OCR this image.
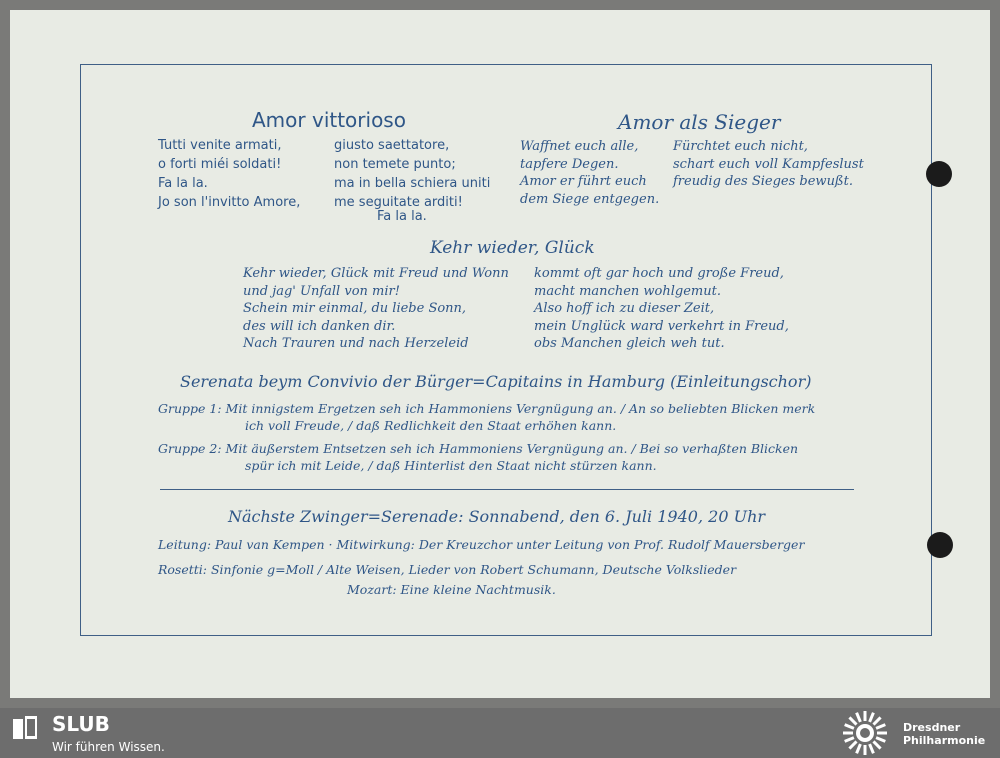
Amor vittorioso	Amor als Sieger
Tutti venite armati,
o forti miéi soldati!
Fa la la.
Jo son l'invitto Amore,
giusto saettatore,
non temete punto;
ma in bella schiera uniti
me seguitate arditi!
Fa la la.
Waffnet euch alle,
tapfere Degen.
Amor er führt euch
dem Siege entgegen.
Fürchtet euch nicht,
schart euch voll Kampfeslust
freudig des Sieges bewußt.
Kehr wieder, Glück
Kehr wieder, Glück mit Freud und Wonn
und jag' Unfall von mir!
Schein mir einmal, du liebe Sonn,
des will ich danken dir.
Nach Trauren und nach Herzeleid
kommt oft gar hoch und große Freud,
macht manchen wohlgemut.
Also hoff ich zu dieser Zeit,
mein Unglück ward verkehrt in Freud,
obs Manchen gleich weh tut.
Serenata beym Convivio der Bürger=Capitains in Hamburg (Einleitungschor)
Gruppe 1: Mit innigstem Ergetzen seh ich Hammoniens Vergnügung an. / An so beliebten Blicken merk
ich voll Freude, / daß Redlichkeit den Staat erhöhen kann.
Gruppe 2: Mit äußerstem Entsetzen seh ich Hammoniens Vergnügung an. / Bei so verhaßten Blicken
spür ich mit Leide, / daß Hinterlist den Staat nicht stürzen kann.
Nächste Zwinger=Serenade: Sonnabend, den 6. Juli 1940, 20 Uhr
Leitung: Paul van Kempen · Mitwirkung: Der Kreuzchor unter Leitung von Prof. Rudolf Mauersberger
Rosetti: Sinfonie g=Moll / Alte Weisen, Lieder von Robert Schumann, Deutsche Volkslieder
Mozart: Eine kleine Nachtmusik.
SLUB
Wir führen Wissen.
Dresdner
Philharmonie
